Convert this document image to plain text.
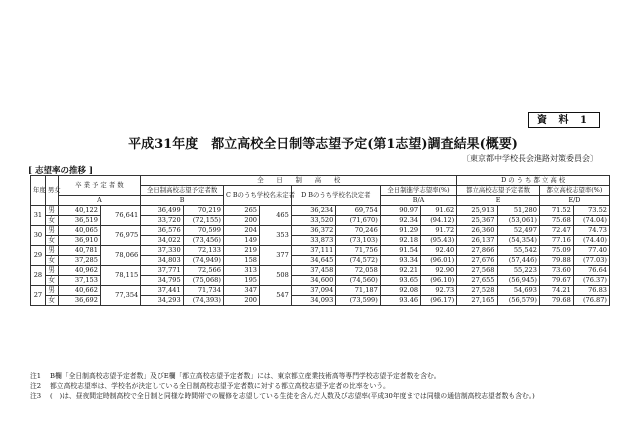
資 料 1
平成31年度　都立高校全日制等志望予定(第1志望)調査結果(概要)
〔東京都中学校長会進路対策委員会〕
[ 志望率の推移 ]
年度	男女	卒 業 予 定 者 数		全　　日　　制　　高　　校								D の う ち 都 立 高 校			
				全日制高校志望予定者数		C Bのうち学校名未定者		D Bのうち学校名決定者		全日制進学志望率(%)		都立高校志望予定者数		都立高校志望率(%)	
		A		B						B/A		E		E/D	
31	男	40,122	76,641	36,499	70,219	265	465	36,234	69,754	90.97	91.62	25,913	51,280	71.52	73.52
	女	36,519		33,720	(72,155)	200		33,520	(71,670)	92.34	(94.12)	25,367	(53,061)	75.68	(74.04)
30	男	40,065	76,975	36,576	70,599	204	353	36,372	70,246	91.29	91.72	26,360	52,497	72.47	74.73
	女	36,910		34,022	(73,456)	149		33,873	(73,103)	92.18	(95.43)	26,137	(54,354)	77.16	(74.40)
29	男	40,781	78,066	37,330	72,133	219	377	37,111	71,756	91.54	92.40	27,866	55,542	75.09	77.40
	女	37,285		34,803	(74,949)	158		34,645	(74,572)	93.34	(96.01)	27,676	(57,446)	79.88	(77.03)
28	男	40,962	78,115	37,771	72,566	313	508	37,458	72,058	92.21	92.90	27,568	55,223	73.60	76.64
	女	37,153		34,795	(75,068)	195		34,600	(74,560)	93.65	(96.10)	27,655	(56,945)	79.67	(76.37)
27	男	40,662	77,354	37,441	71,734	347	547	37,094	71,187	92.08	92.73	27,528	54,693	74.21	76.83
	女	36,692		34,293	(74,393)	200		34,093	(73,599)	93.46	(96.17)	27,165	(56,579)	79.68	(76.87)
注1 B欄「全日制高校志望予定者数」及びE欄「都立高校志望予定者数」には、東京都立産業技術高等専門学校志望予定者数を含む。
注2 都立高校志望率は、学校名が決定している全日制高校志望予定者数に対する都立高校志望予定者の比率をいう。
注3 (　)は、昼夜間定時制高校で全日制と同様な時間帯での履修を志望している生徒を含んだ人数及び志望率(平成30年度までは同様の通信制高校志望者数も含む。)
